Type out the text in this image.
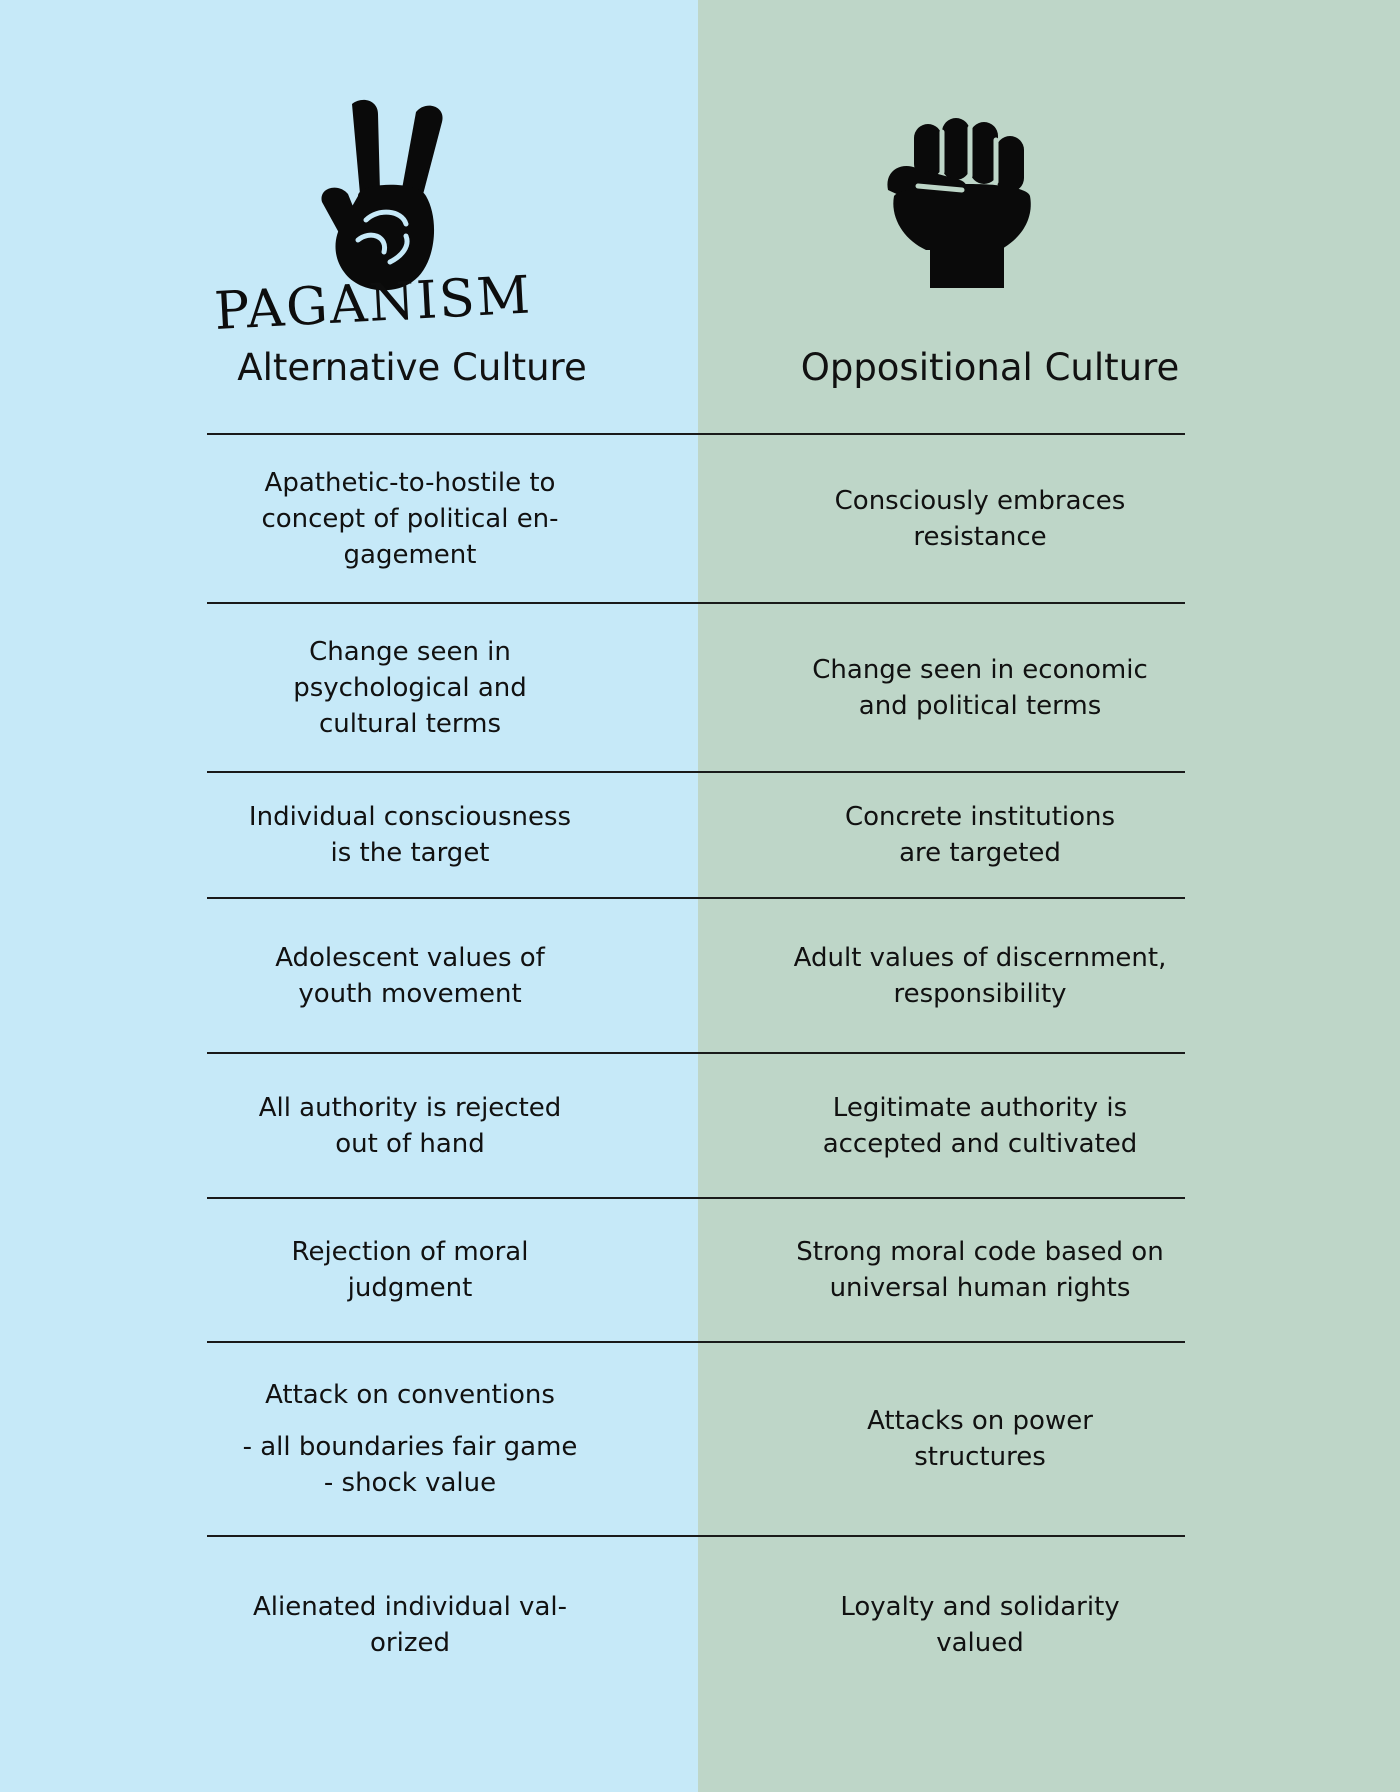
PAGANISM
Alternative Culture	Oppositional Culture
Apathetic-to-hostile to
concept of political en-
gagement
Consciously embraces
resistance
Change seen in
psychological and
cultural terms
Change seen in economic
and political terms
Individual consciousness
is the target
Concrete institutions
are targeted
Adolescent values of
youth movement
Adult values of discernment,
responsibility
All authority is rejected
out of hand
Legitimate authority is
accepted and cultivated
Rejection of moral
judgment
Strong moral code based on
universal human rights
Attack on conventions
- all boundaries fair game
- shock value
Attacks on power
structures
Alienated individual val-
orized
Loyalty and solidarity
valued
